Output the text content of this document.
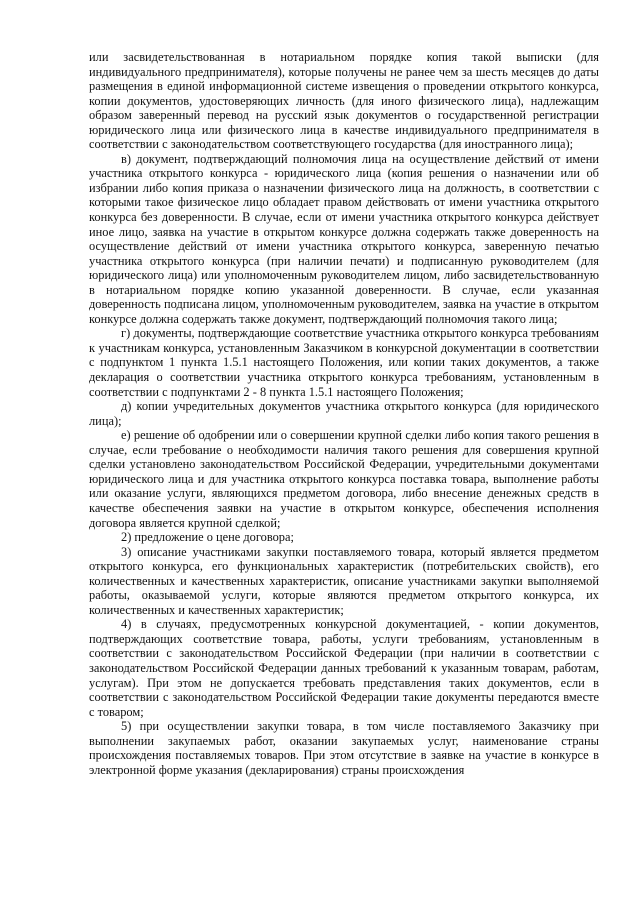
или засвидетельствованная в нотариальном порядке копия такой выписки (для индивидуального предпринимателя), которые получены не ранее чем за шесть месяцев до даты размещения в единой информационной системе извещения о проведении открытого конкурса, копии документов, удостоверяющих личность (для иного физического лица), надлежащим образом заверенный перевод на русский язык документов о государственной регистрации юридического лица или физического лица в качестве индивидуального предпринимателя в соответствии с законодательством соответствующего государства (для иностранного лица);

в) документ, подтверждающий полномочия лица на осуществление действий от имени участника открытого конкурса - юридического лица (копия решения о назначении или об избрании либо копия приказа о назначении физического лица на должность, в соответствии с которыми такое физическое лицо обладает правом действовать от имени участника открытого конкурса без доверенности. В случае, если от имени участника открытого конкурса действует иное лицо, заявка на участие в открытом конкурсе должна содержать также доверенность на осуществление действий от имени участника открытого конкурса, заверенную печатью участника открытого конкурса (при наличии печати) и подписанную руководителем (для юридического лица) или уполномоченным руководителем лицом, либо засвидетельствованную в нотариальном порядке копию указанной доверенности. В случае, если указанная доверенность подписана лицом, уполномоченным руководителем, заявка на участие в открытом конкурсе должна содержать также документ, подтверждающий полномочия такого лица;

г) документы, подтверждающие соответствие участника открытого конкурса требованиям к участникам конкурса, установленным Заказчиком в конкурсной документации в соответствии с подпунктом 1 пункта 1.5.1 настоящего Положения, или копии таких документов, а также декларация о соответствии участника открытого конкурса требованиям, установленным в соответствии с подпунктами 2 - 8 пункта 1.5.1 настоящего Положения;

д) копии учредительных документов участника открытого конкурса (для юридического лица);

е) решение об одобрении или о совершении крупной сделки либо копия такого решения в случае, если требование о необходимости наличия такого решения для совершения крупной сделки установлено законодательством Российской Федерации, учредительными документами юридического лица и для участника открытого конкурса поставка товара, выполнение работы или оказание услуги, являющихся предметом договора, либо внесение денежных средств в качестве обеспечения заявки на участие в открытом конкурсе, обеспечения исполнения договора является крупной сделкой;

2) предложение о цене договора;

3) описание участниками закупки поставляемого товара, который является предметом открытого конкурса, его функциональных характеристик (потребительских свойств), его количественных и качественных характеристик, описание участниками закупки выполняемой работы, оказываемой услуги, которые являются предметом открытого конкурса, их количественных и качественных характеристик;

4) в случаях, предусмотренных конкурсной документацией, - копии документов, подтверждающих соответствие товара, работы, услуги требованиям, установленным в соответствии с законодательством Российской Федерации (при наличии в соответствии с законодательством Российской Федерации данных требований к указанным товарам, работам, услугам). При этом не допускается требовать представления таких документов, если в соответствии с законодательством Российской Федерации такие документы передаются вместе с товаром;

5) при осуществлении закупки товара, в том числе поставляемого Заказчику при выполнении закупаемых работ, оказании закупаемых услуг, наименование страны происхождения поставляемых товаров. При этом отсутствие в заявке на участие в конкурсе в электронной форме указания (декларирования) страны происхождения
